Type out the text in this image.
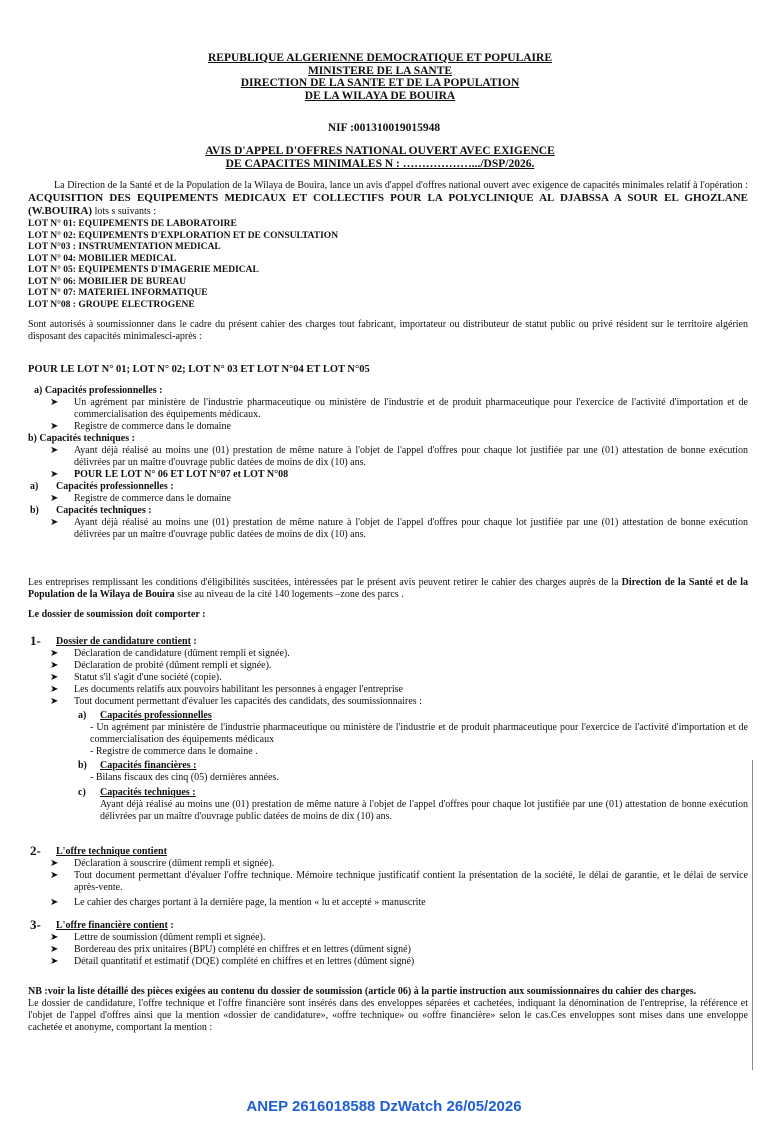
REPUBLIQUE ALGERIENNE DEMOCRATIQUE ET POPULAIRE
MINISTERE DE LA SANTE
DIRECTION DE LA SANTE ET DE LA POPULATION
DE LA WILAYA DE BOUIRA
NIF :001310019015948
AVIS D'APPEL D'OFFRES NATIONAL OUVERT AVEC EXIGENCE
DE CAPACITES MINIMALES N : ……………….../DSP/2026.

La Direction de la Santé et de la Population de la Wilaya de Bouira, lance un avis d'appel d'offres national ouvert avec exigence de capacités minimales relatif à l'opération : ACQUISITION DES EQUIPEMENTS MEDICAUX ET COLLECTIFS POUR LA POLYCLINIQUE AL DJABSSA A SOUR EL GHOZLANE (W.BOUIRA) lots s suivants :

LOT N° 01: EQUIPEMENTS DE LABORATOIRE
LOT N° 02: EQUIPEMENTS D'EXPLORATION ET DE CONSULTATION
LOT N°03 : INSTRUMENTATION MEDICAL
LOT N° 04: MOBILIER MEDICAL
LOT N° 05: EQUIPEMENTS D'IMAGERIE MEDICAL
LOT N° 06: MOBILIER DE BUREAU
LOT N° 07: MATERIEL INFORMATIQUE
LOT N°08 : GROUPE ELECTROGENE

Sont autorisés à soumissionner dans le cadre du présent cahier des charges tout fabricant, importateur ou distributeur de statut public ou privé résident sur le territoire algérien disposant des capacités minimalesci-après :

POUR LE LOT N° 01; LOT N° 02; LOT N° 03 ET LOT N°04 ET LOT N°05

a) Capacités professionnelles :

➤ Un agrément par ministère de l'industrie pharmaceutique ou ministère de l'industrie et de produit pharmaceutique pour l'exercice de l'activité d'importation et de commercialisation des équipements médicaux.

➤ Registre de commerce dans le domaine

b) Capacités techniques :

➤ Ayant déjà réalisé au moins une (01) prestation de même nature à l'objet de l'appel d'offres pour chaque lot justifiée par une (01) attestation de bonne exécution délivrées par un maître d'ouvrage public datées de moins de dix (10) ans.

➤ POUR LE LOT N° 06 ET LOT N°07 et LOT N°08

a) Capacités professionnelles :

➤ Registre de commerce dans le domaine

b) Capacités techniques :

➤ Ayant déjà réalisé au moins une (01) prestation de même nature à l'objet de l'appel d'offres pour chaque lot justifiée par une (01) attestation de bonne exécution délivrées par un maître d'ouvrage public datées de moins de dix (10) ans.

Les entreprises remplissant les conditions d'éligibilités suscitées, intéressées par le présent avis peuvent retirer le cahier des charges auprès de la Direction de la Santé et de la Population de la Wilaya de Bouira sise au niveau de la cité 140 logements –zone des parcs .

Le dossier de soumission doit comporter :

1- Dossier de candidature contient :

➤ Déclaration de candidature (dûment rempli et signée).

➤ Déclaration de probité (dûment rempli et signée).

➤ Statut s'il s'agit d'une société (copie).

➤ Les documents relatifs aux pouvoirs habilitant les personnes à engager l'entreprise

➤ Tout document permettant d'évaluer les capacités des candidats, des soumissionnaires :

a) Capacités professionnelles

- Un agrément par ministère de l'industrie pharmaceutique ou ministère de l'industrie et de produit pharmaceutique pour l'exercice de l'activité d'importation et de commercialisation des équipements médicaux

- Registre de commerce dans le domaine .

b) Capacités financières :

- Bilans fiscaux des cinq (05) dernières années.

c) Capacités techniques :

Ayant déjà réalisé au moins une (01) prestation de même nature à l'objet de l'appel d'offres pour chaque lot justifiée par une (01) attestation de bonne exécution délivrées par un maître d'ouvrage public datées de moins de dix (10) ans.

2- L'offre technique contient

➤ Déclaration à souscrire (dûment rempli et signée).

➤ Tout document permettant d'évaluer l'offre technique. Mémoire technique justificatif contient la présentation de la société, le délai de garantie, et le délai de service après-vente.

➤ Le cahier des charges portant à la dernière page, la mention « lu et accepté » manuscrite

3- L'offre financière contient :

➤ Lettre de soumission (dûment rempli et signée).

➤ Bordereau des prix unitaires (BPU) complété en chiffres et en lettres (dûment signé)

➤ Détail quantitatif et estimatif (DQE) complété en chiffres et en lettres (dûment signé)

NB :voir la liste détaillé des pièces exigées au contenu du dossier de soumission (article 06) à la partie instruction aux soumissionnaires du cahier des charges.

Le dossier de candidature, l'offre technique et l'offre financière sont insérés dans des enveloppes séparées et cachetées, indiquant la dénomination de l'entreprise, la référence et l'objet de l'appel d'offres ainsi que la mention «dossier de candidature», «offre technique» ou «offre financière» selon le cas.Ces enveloppes sont mises dans une enveloppe cachetée et anonyme, comportant la mention :

ANEP 2616018588 DzWatch 26/05/2026
